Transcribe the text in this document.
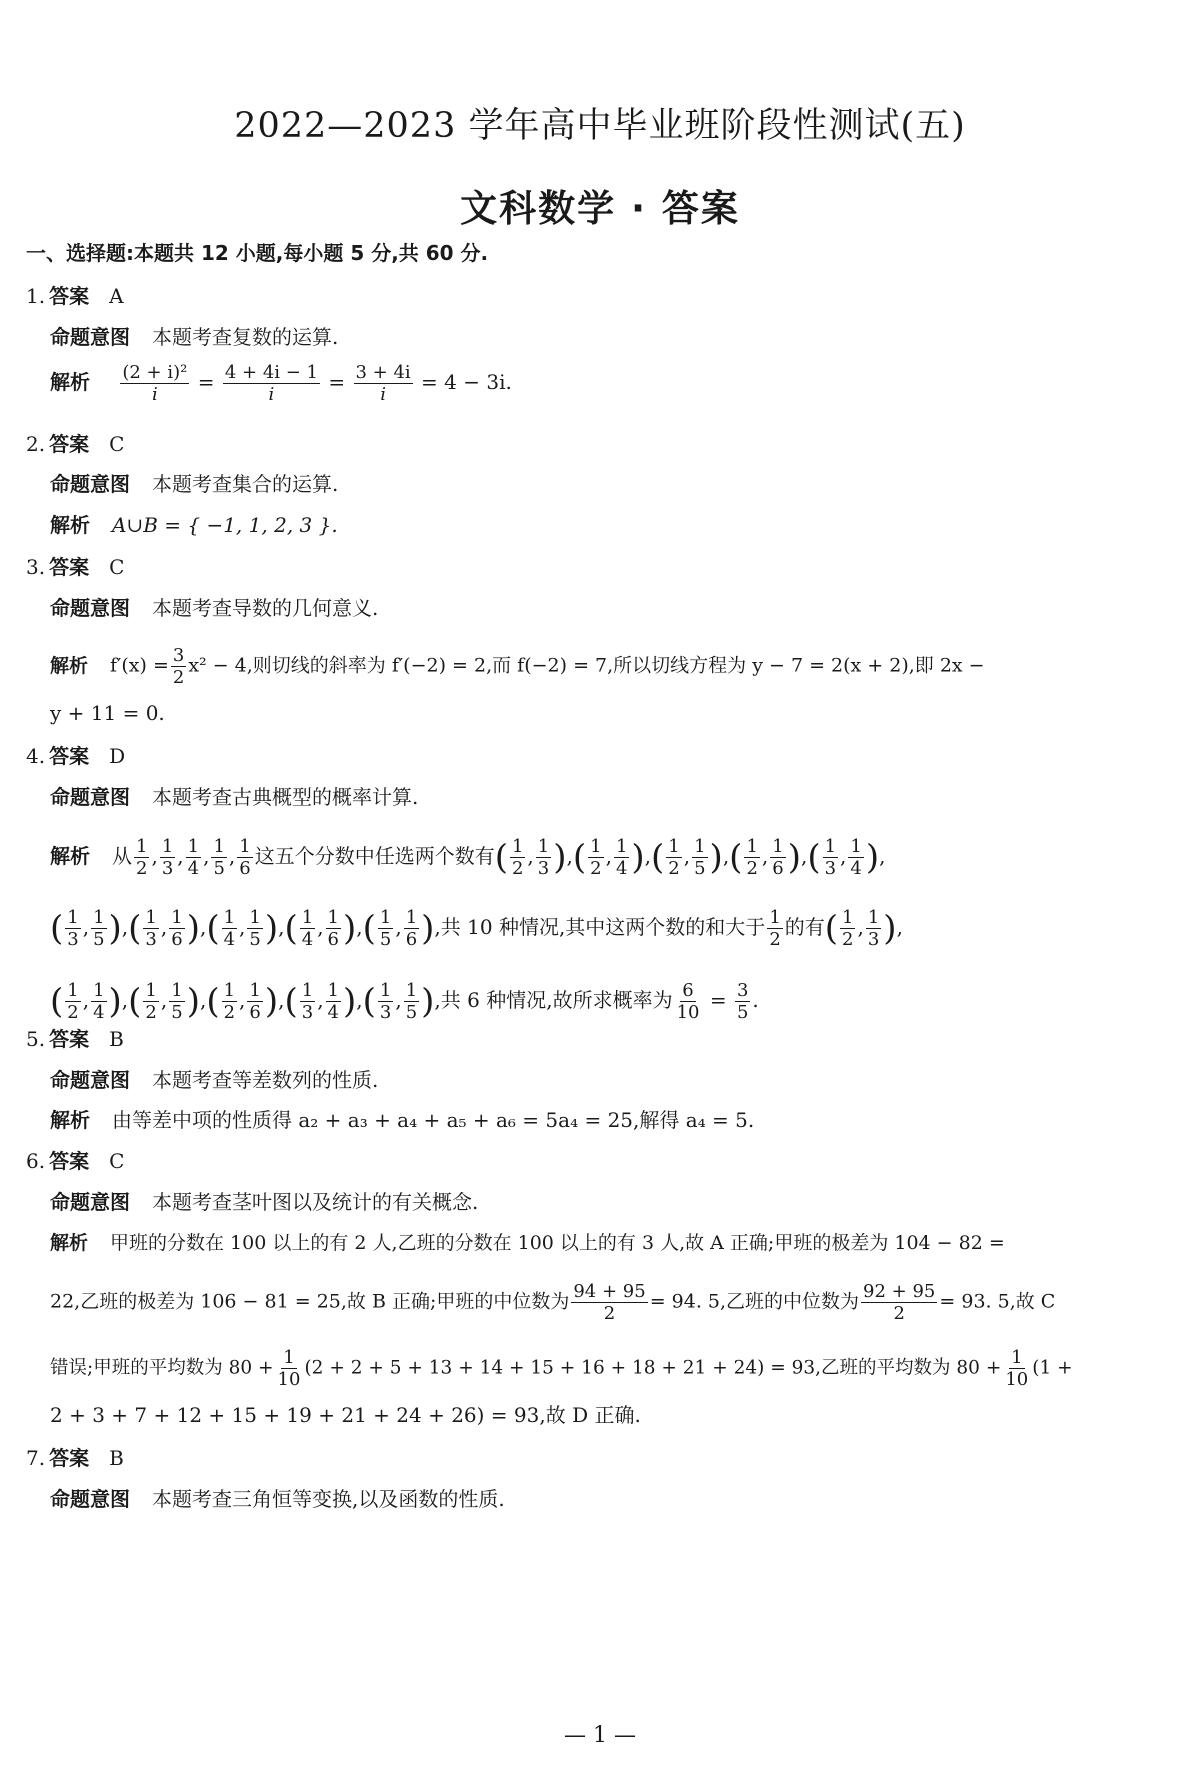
2022—2023 学年高中毕业班阶段性测试(五)
文科数学 · 答案
一、选择题:本题共 12 小题,每小题 5 分,共 60 分.
1. 答案 A
命题意图 本题考查复数的运算.
解析 $\frac{\text{(2 + i)²}}{i} = \frac{4 + 4i - 1}{i} = \frac{3 + 4i}{i} = 4 - 3i$.
2. 答案 C
命题意图 本题考查集合的运算.
解析 A∪B = { −1, 1, 2, 3 }.
3. 答案 C
命题意图 本题考查导数的几何意义.
解析 $f'(x) = \frac{3}{2} x^2 - 4$,则切线的斜率为 f′(−2) = 2,而 f(−2) = 7,所以切线方程为 y − 7 = 2(x + 2),即 2x −
y + 11 = 0.
4. 答案 D
命题意图 本题考查古典概型的概率计算.
解析 从 $\frac{1}{2}$ , $\frac{1}{3}$ , $\frac{1}{4}$ , $\frac{1}{5}$ , $\frac{1}{6}$ 这五个分数中任选两个数有( $\frac{1}{2}$ , $\frac{1}{3}$ ),( $\frac{1}{2}$ , $\frac{1}{4}$ ),( $\frac{1}{2}$ , $\frac{1}{5}$ ),( $\frac{1}{2}$ , $\frac{1}{6}$ ),( $\frac{1}{3}$ , $\frac{1}{4}$ ),
( $\frac{1}{3}$ , $\frac{1}{5}$ ),( $\frac{1}{3}$ , $\frac{1}{6}$ ),( $\frac{1}{4}$ , $\frac{1}{5}$ ),( $\frac{1}{4}$ , $\frac{1}{6}$ ),( $\frac{1}{5}$ , $\frac{1}{6}$ ),共 10 种情况,其中这两个数的和大于 $\frac{1}{2}$ 的有( $\frac{1}{2}$ , $\frac{1}{3}$ ),
( $\frac{1}{2}$ , $\frac{1}{4}$ ),( $\frac{1}{2}$ , $\frac{1}{5}$ ),( $\frac{1}{2}$ , $\frac{1}{6}$ ),( $\frac{1}{3}$ , $\frac{1}{4}$ ),( $\frac{1}{3}$ , $\frac{1}{5}$ ),共 6 种情况,故所求概率为 $\frac{6}{10} = \frac{3}{5}$ .
5. 答案 B
命题意图 本题考查等差数列的性质.
解析 由等差中项的性质得 a₂ + a₃ + a₄ + a₅ + a₆ = 5a₄ = 25,解得 a₄ = 5.
6. 答案 C
命题意图 本题考查茎叶图以及统计的有关概念.
解析 甲班的分数在 100 以上的有 2 人,乙班的分数在 100 以上的有 3 人,故 A 正确;甲班的极差为 104 − 82 =
22,乙班的极差为 106 − 81 = 25,故 B 正确;甲班的中位数为 $\frac{94 + 95}{2} = 94$. 5,乙班的中位数为 $\frac{92 + 95}{2} = 93$. 5,故 C
错误;甲班的平均数为 $80 + \frac{1}{10} (2 + 2 + 5 + 13 + 14 + 15 + 16 + 18 + 21 + 24) = 93$,乙班的平均数为 $80 + \frac{1}{10} (1$ +
2 + 3 + 7 + 12 + 15 + 19 + 21 + 24 + 26) = 93,故 D 正确.
7. 答案 B
命题意图 本题考查三角恒等变换,以及函数的性质.
— 1 —
